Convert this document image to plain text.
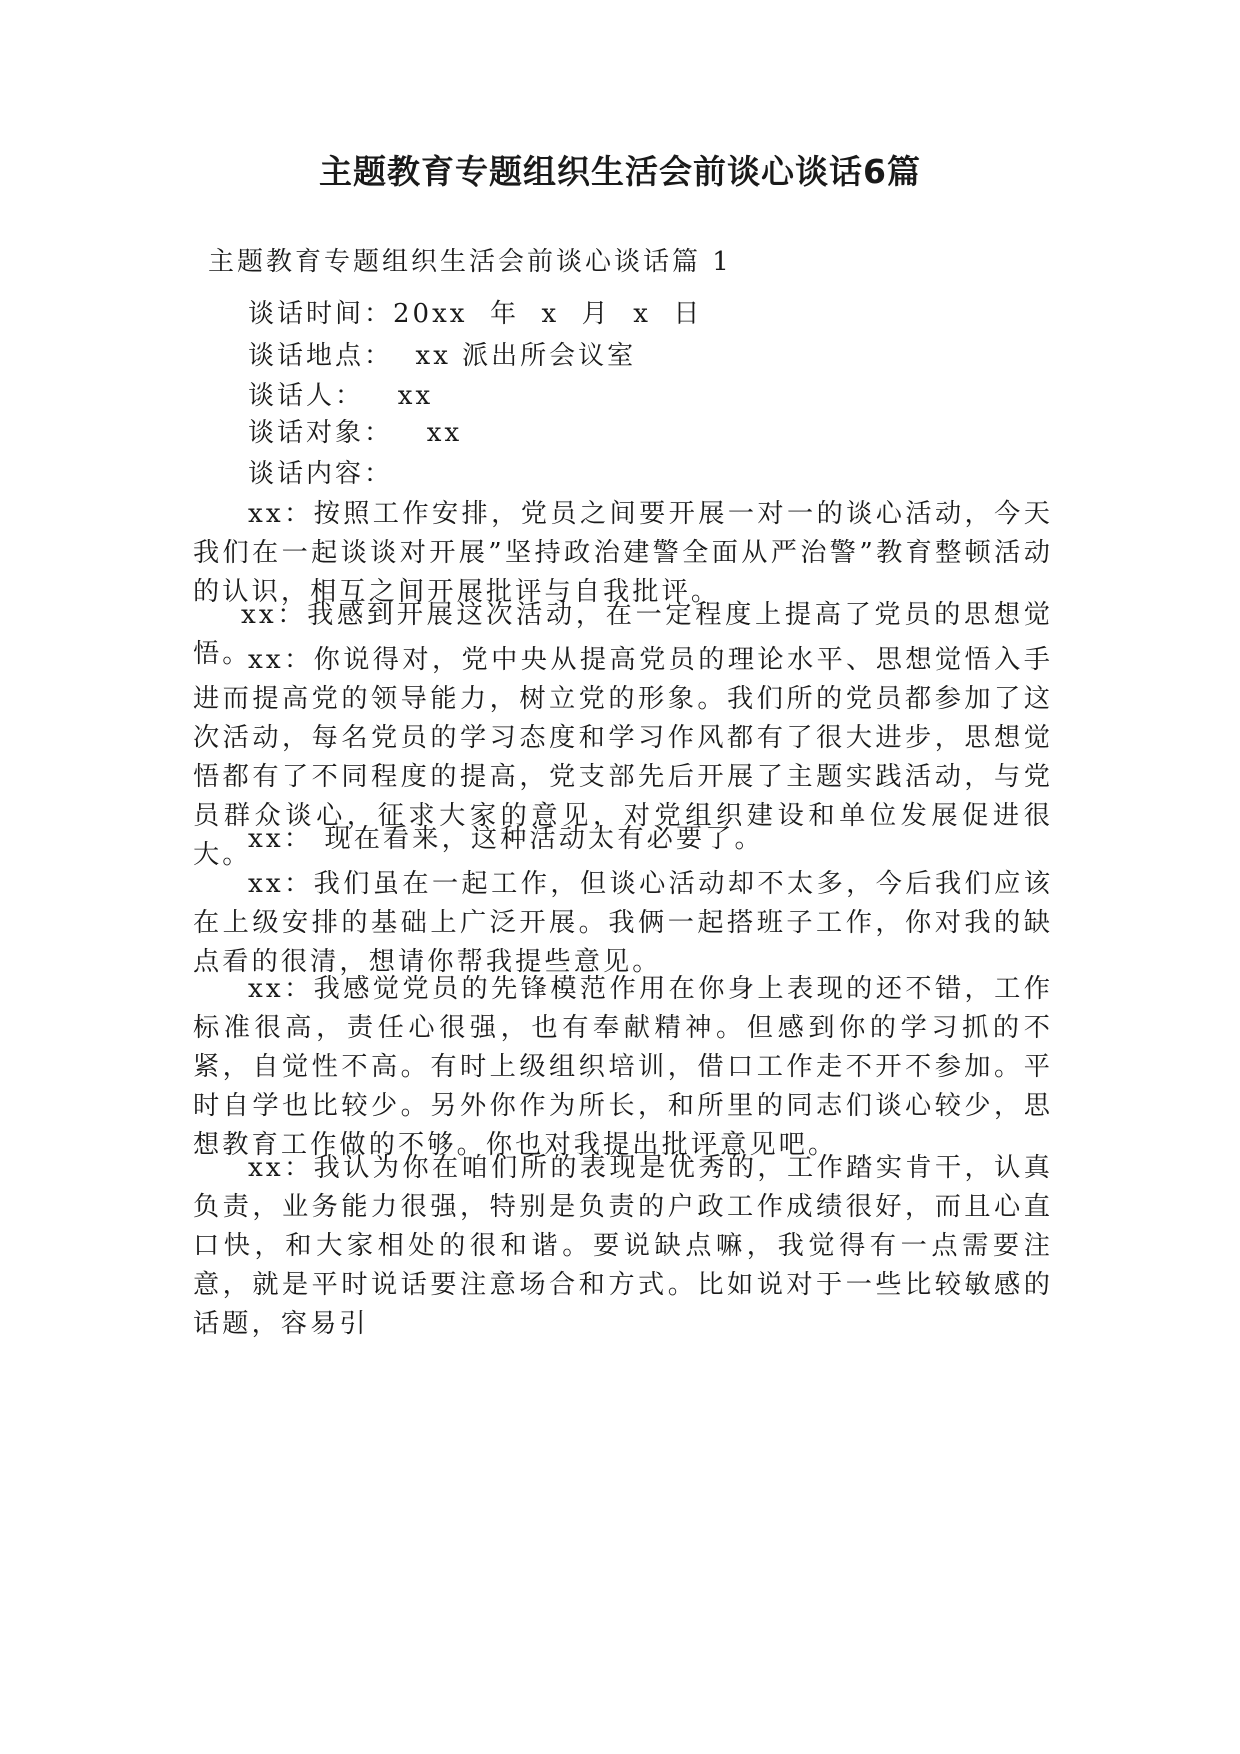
主题教育专题组织生活会前谈心谈话6篇

主题教育专题组织生活会前谈心谈话篇 1

谈话时间：20xx  年  x  月  x  日

谈话地点：  xx 派出所会议室

谈话人：   xx

谈话对象：   xx

谈话内容：

xx：按照工作安排，党员之间要开展一对一的谈心活动，今天我们在一起谈谈对开展”坚持政治建警全面从严治警”教育整顿活动的认识，相互之间开展批评与自我批评。

xx：我感到开展这次活动，在一定程度上提高了党员的思想觉悟。

xx：你说得对，党中央从提高党员的理论水平、思想觉悟入手进而提高党的领导能力，树立党的形象。我们所的党员都参加了这次活动，每名党员的学习态度和学习作风都有了很大进步，思想觉悟都有了不同程度的提高，党支部先后开展了主题实践活动，与党员群众谈心，征求大家的意见，对党组织建设和单位发展促进很大。

xx： 现在看来，这种活动太有必要了。

xx：我们虽在一起工作，但谈心活动却不太多，今后我们应该在上级安排的基础上广泛开展。我俩一起搭班子工作，你对我的缺点看的很清，想请你帮我提些意见。

xx：我感觉党员的先锋模范作用在你身上表现的还不错，工作标准很高，责任心很强，也有奉献精神。但感到你的学习抓的不紧，自觉性不高。有时上级组织培训，借口工作走不开不参加。平时自学也比较少。另外你作为所长，和所里的同志们谈心较少，思想教育工作做的不够。你也对我提出批评意见吧。

xx：我认为你在咱们所的表现是优秀的，工作踏实肯干，认真负责，业务能力很强，特别是负责的户政工作成绩很好，而且心直口快，和大家相处的很和谐。要说缺点嘛，我觉得有一点需要注意，就是平时说话要注意场合和方式。比如说对于一些比较敏感的话题，容易引
